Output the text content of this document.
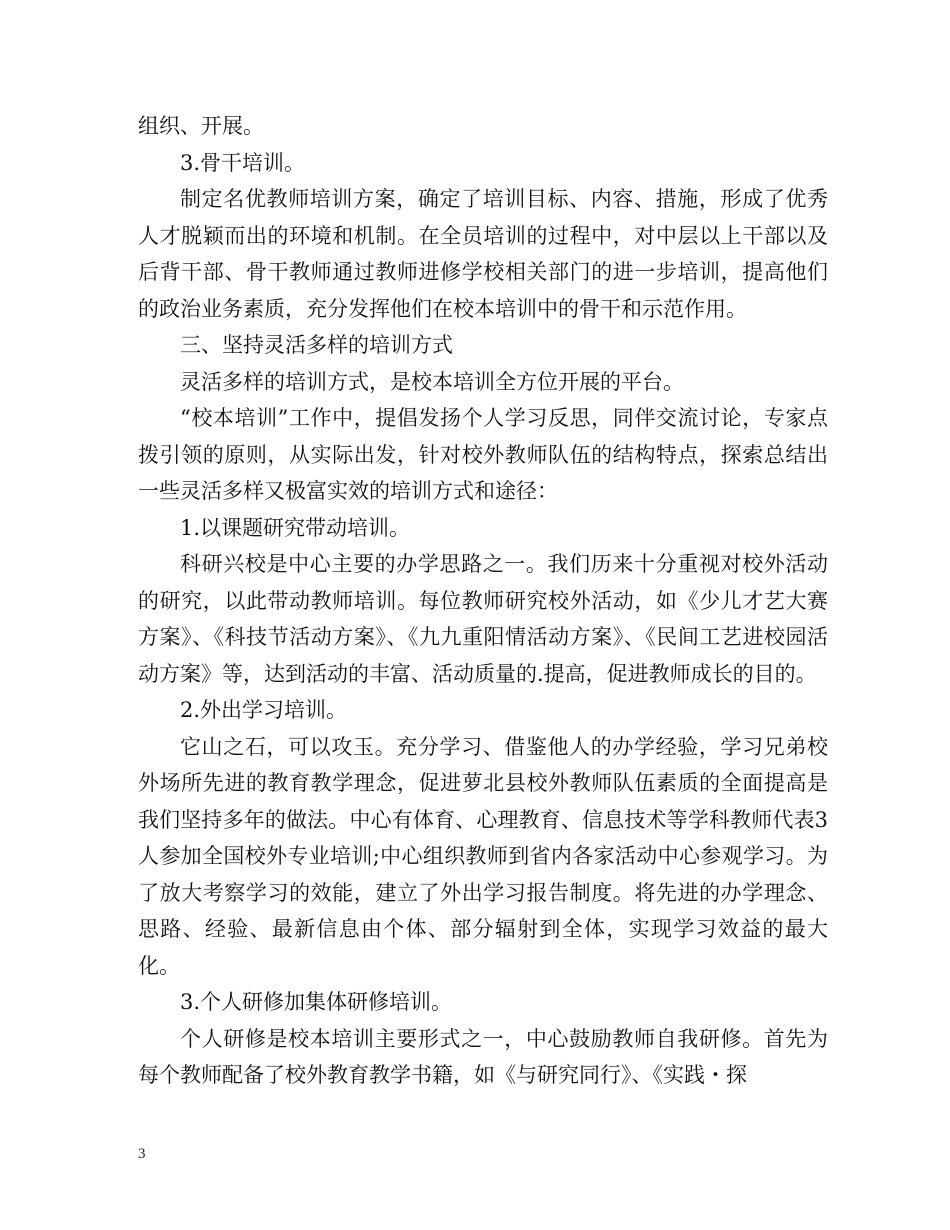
组织、开展。

3.骨干培训。

制定名优教师培训方案，确定了培训目标、内容、措施，形成了优秀人才脱颖而出的环境和机制。在全员培训的过程中，对中层以上干部以及后背干部、骨干教师通过教师进修学校相关部门的进一步培训，提高他们的政治业务素质，充分发挥他们在校本培训中的骨干和示范作用。

三、坚持灵活多样的培训方式

灵活多样的培训方式，是校本培训全方位开展的平台。

“校本培训”工作中，提倡发扬个人学习反思，同伴交流讨论，专家点拨引领的原则，从实际出发，针对校外教师队伍的结构特点，探索总结出一些灵活多样又极富实效的培训方式和途径：

1.以课题研究带动培训。

科研兴校是中心主要的办学思路之一。我们历来十分重视对校外活动的研究，以此带动教师培训。每位教师研究校外活动，如《少儿才艺大赛方案》、《科技节活动方案》、《九九重阳情活动方案》、《民间工艺进校园活动方案》等，达到活动的丰富、活动质量的.提高，促进教师成长的目的。

2.外出学习培训。

它山之石，可以攻玉。充分学习、借鉴他人的办学经验，学习兄弟校外场所先进的教育教学理念，促进萝北县校外教师队伍素质的全面提高是我们坚持多年的做法。中心有体育、心理教育、信息技术等学科教师代表3人参加全国校外专业培训;中心组织教师到省内各家活动中心参观学习。为了放大考察学习的效能，建立了外出学习报告制度。将先进的办学理念、思路、经验、最新信息由个体、部分辐射到全体，实现学习效益的最大化。

3.个人研修加集体研修培训。

个人研修是校本培训主要形式之一，中心鼓励教师自我研修。首先为每个教师配备了校外教育教学书籍，如《与研究同行》、《实践・探

3
